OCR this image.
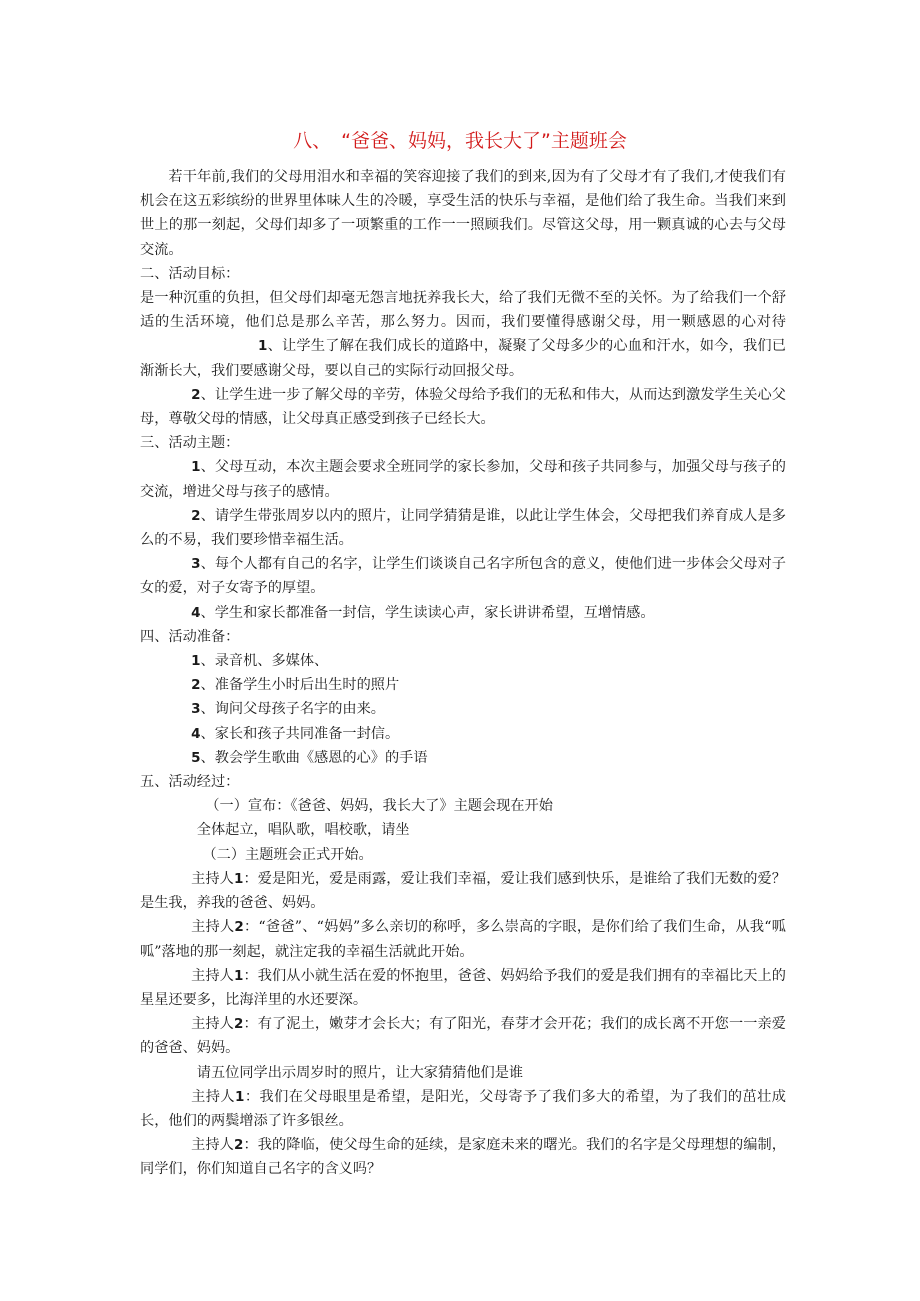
八、 “爸爸、妈妈，我长大了”主题班会

若干年前,我们的父母用泪水和幸福的笑容迎接了我们的到来,因为有了父母才有了我们,才使我们有机会在这五彩缤纷的世界里体味人生的冷暖，享受生活的快乐与幸福，是他们给了我生命。当我们来到世上的那一刻起，父母们却多了一项繁重的工作一一照顾我们。尽管这父母，用一颗真诚的心去与父母交流。

二、活动目标：

是一种沉重的负担，但父母们却毫无怨言地抚养我长大，给了我们无微不至的关怀。为了给我们一个舒适的生活环境，他们总是那么辛苦，那么努力。因而，我们要懂得感谢父母，用一颗感恩的心对待1、让学生了解在我们成长的道路中，凝聚了父母多少的心血和汗水，如今，我们已渐渐长大，我们要感谢父母，要以自己的实际行动回报父母。

2、让学生进一步了解父母的辛劳，体验父母给予我们的无私和伟大，从而达到激发学生关心父母，尊敬父母的情感，让父母真正感受到孩子已经长大。

三、活动主题：

1、父母互动，本次主题会要求全班同学的家长参加，父母和孩子共同参与，加强父母与孩子的交流，增进父母与孩子的感情。

2、请学生带张周岁以内的照片，让同学猜猜是谁，以此让学生体会，父母把我们养育成人是多么的不易，我们要珍惜幸福生活。

3、每个人都有自己的名字，让学生们谈谈自己名字所包含的意义，使他们进一步体会父母对子女的爱，对子女寄予的厚望。

4、学生和家长都准备一封信，学生读读心声，家长讲讲希望，互增情感。

四、活动准备：

1、录音机、多媒体、

2、准备学生小时后出生时的照片

3、询问父母孩子名字的由来。

4、家长和孩子共同准备一封信。

5、教会学生歌曲《感恩的心》的手语

五、活动经过：

（一）宣布：《爸爸、妈妈，我长大了》主题会现在开始

全体起立，唱队歌，唱校歌，请坐

（二）主题班会正式开始。

主持人1：爱是阳光，爱是雨露，爱让我们幸福，爱让我们感到快乐，是谁给了我们无数的爱？是生我，养我的爸爸、妈妈。

主持人2：“爸爸”、“妈妈”多么亲切的称呼，多么崇高的字眼，是你们给了我们生命，从我“呱呱”落地的那一刻起，就注定我的幸福生活就此开始。

主持人1：我们从小就生活在爱的怀抱里，爸爸、妈妈给予我们的爱是我们拥有的幸福比天上的星星还要多，比海洋里的水还要深。

主持人2：有了泥土，嫩芽才会长大；有了阳光，春芽才会开花；我们的成长离不开您一一亲爱的爸爸、妈妈。

请五位同学出示周岁时的照片，让大家猜猜他们是谁

主持人1：我们在父母眼里是希望，是阳光，父母寄予了我们多大的希望，为了我们的茁壮成长，他们的两鬓增添了许多银丝。

主持人2：我的降临，使父母生命的延续，是家庭未来的曙光。我们的名字是父母理想的编制，同学们，你们知道自己名字的含义吗？
